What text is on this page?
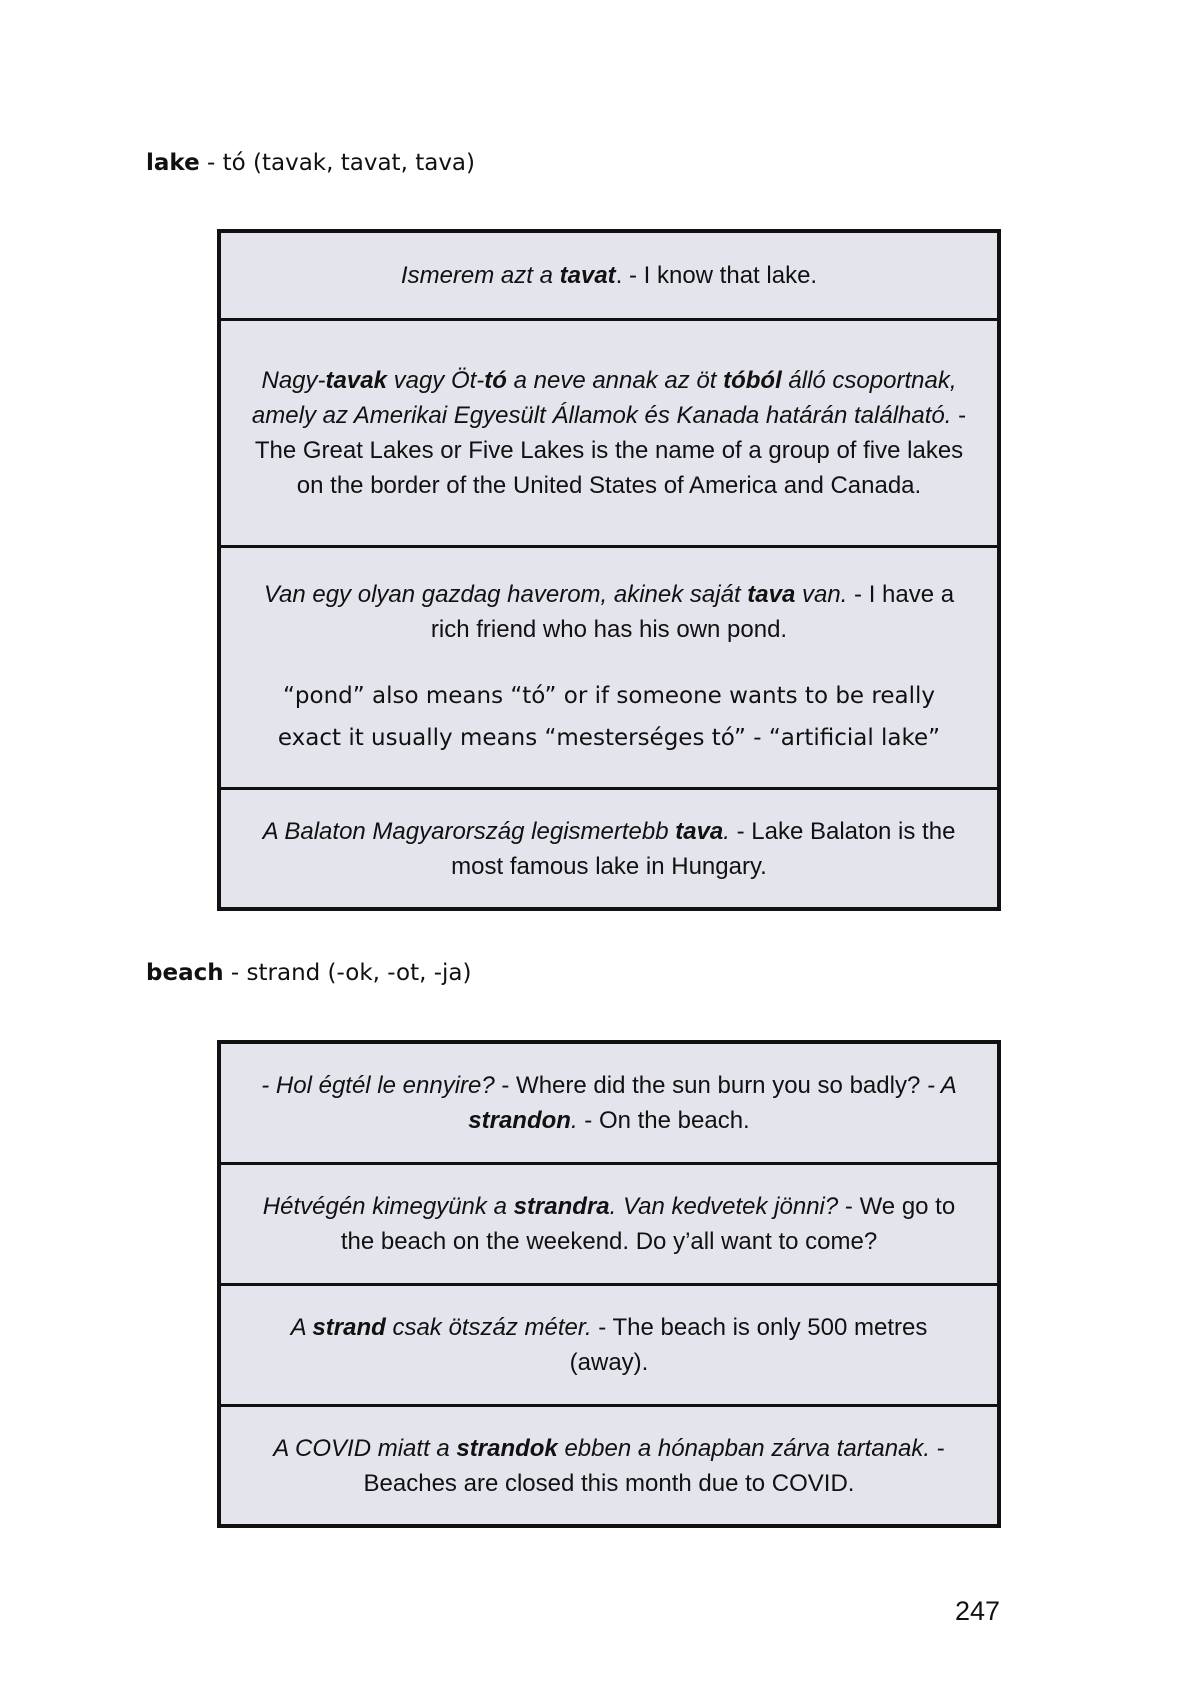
lake - tó (tavak, tavat, tava)

Ismerem azt a tavat. - I know that lake.

Nagy-tavak vagy Öt-tó a neve annak az öt tóból álló csoportnak, amely az Amerikai Egyesült Államok és Kanada határán található. - The Great Lakes or Five Lakes is the name of a group of five lakes on the border of the United States of America and Canada.

Van egy olyan gazdag haverom, akinek saját tava van. - I have a rich friend who has his own pond.

“pond” also means “tó” or if someone wants to be really exact it usually means “mesterséges tó” - “artificial lake”

A Balaton Magyarország legismertebb tava. - Lake Balaton is the most famous lake in Hungary.

beach - strand (-ok, -ot, -ja)

- Hol égtél le ennyire? - Where did the sun burn you so badly? - A strandon. - On the beach.

Hétvégén kimegyünk a strandra. Van kedvetek jönni? - We go to the beach on the weekend. Do y’all want to come?

A strand csak ötszáz méter. - The beach is only 500 metres (away).

A COVID miatt a strandok ebben a hónapban zárva tartanak. - Beaches are closed this month due to COVID.

247
